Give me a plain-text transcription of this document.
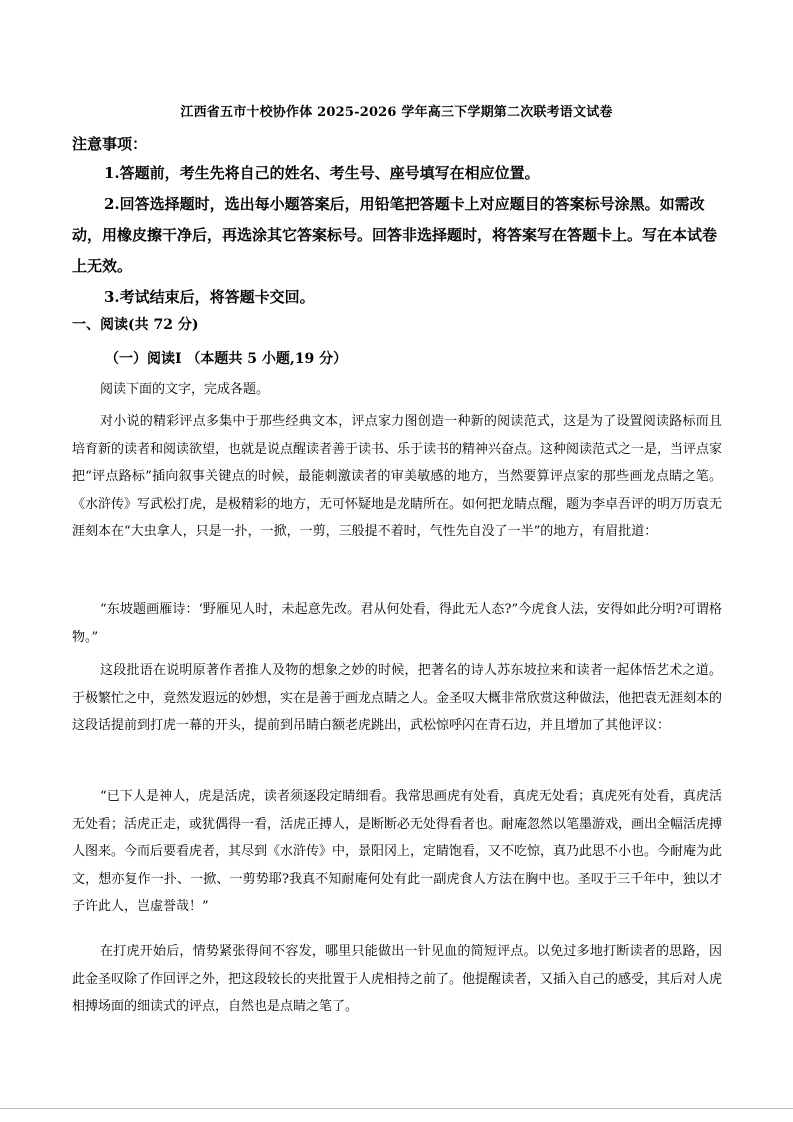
江西省五市十校协作体 2025-2026 学年高三下学期第二次联考语文试卷
注意事项：
1.答题前，考生先将自己的姓名、考生号、座号填写在相应位置。
2.回答选择题时，选出每小题答案后，用铅笔把答题卡上对应题目的答案标号涂黑。如需改动，用橡皮擦干净后，再选涂其它答案标号。回答非选择题时，将答案写在答题卡上。写在本试卷上无效。
3.考试结束后，将答题卡交回。
一、阅读(共 72 分)
（一）阅读Ⅰ （本题共 5 小题,19 分）
阅读下面的文字，完成各题。
对小说的精彩评点多集中于那些经典文本，评点家力图创造一种新的阅读范式，这是为了设置阅读路标而且培育新的读者和阅读欲望，也就是说点醒读者善于读书、乐于读书的精神兴奋点。这种阅读范式之一是，当评点家把“评点路标”插向叙事关键点的时候，最能刺激读者的审美敏感的地方，当然要算评点家的那些画龙点睛之笔。《水浒传》写武松打虎，是极精彩的地方，无可怀疑地是龙睛所在。如何把龙睛点醒，题为李卓吾评的明万历袁无涯刻本在“大虫拿人，只是一扑，一掀，一剪，三般提不着时，气性先自没了一半”的地方，有眉批道：
“东坡题画雁诗：‘野雁见人时，未起意先改。君从何处看，得此无人态?”今虎食人法，安得如此分明?可谓格物。”
这段批语在说明原著作者推人及物的想象之妙的时候，把著名的诗人苏东坡拉来和读者一起体悟艺术之道。于极繁忙之中，竟然发遐远的妙想，实在是善于画龙点睛之人。金圣叹大概非常欣赏这种做法，他把袁无涯刻本的这段话提前到打虎一幕的开头，提前到吊睛白额老虎跳出，武松惊呼闪在青石边，并且增加了其他评议：
“已下人是神人，虎是活虎，读者须逐段定睛细看。我常思画虎有处看，真虎无处看；真虎死有处看，真虎活无处看；活虎正走，或犹偶得一看，活虎正搏人，是断断必无处得看者也。耐庵忽然以笔墨游戏，画出全幅活虎搏人图来。今而后要看虎者，其尽到《水浒传》中，景阳冈上，定睛饱看，又不吃惊，真乃此思不小也。今耐庵为此文，想亦复作一扑、一掀、一剪势耶?我真不知耐庵何处有此一副虎食人方法在胸中也。圣叹于三千年中，独以才子许此人，岂虚誉哉！”
在打虎开始后，情势紧张得间不容发，哪里只能做出一针见血的简短评点。以免过多地打断读者的思路，因此金圣叹除了作回评之外，把这段较长的夹批置于人虎相持之前了。他提醒读者，又插入自己的感受，其后对人虎相搏场面的细读式的评点，自然也是点睛之笔了。
